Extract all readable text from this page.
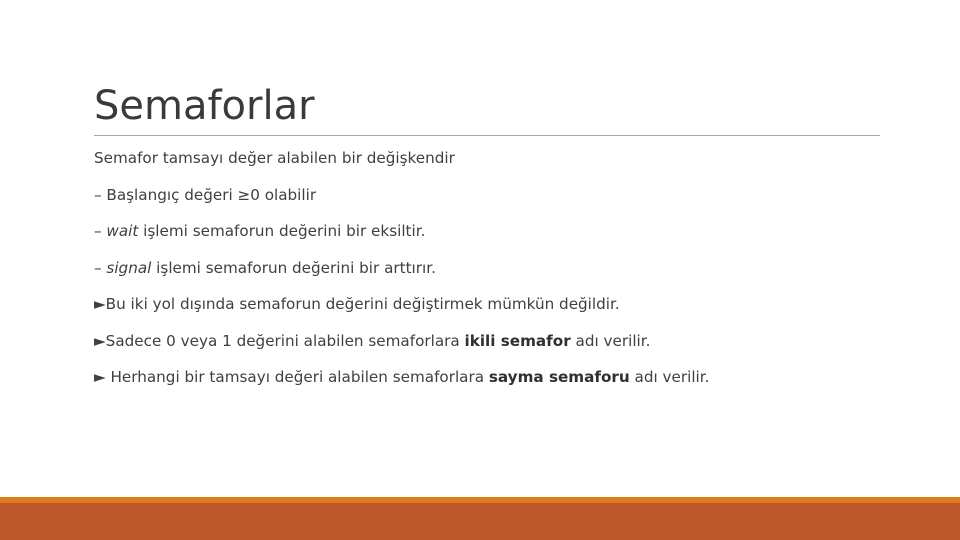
Semaforlar
Semafor tamsayı değer alabilen bir değişkendir
– Başlangıç değeri ≥0 olabilir
– wait işlemi semaforun değerini bir eksiltir.
– signal işlemi semaforun değerini bir arttırır.
►Bu iki yol dışında semaforun değerini değiştirmek mümkün değildir.
►Sadece 0 veya 1 değerini alabilen semaforlara ikili semafor adı verilir.
► Herhangi bir tamsayı değeri alabilen semaforlara sayma semaforu adı verilir.
